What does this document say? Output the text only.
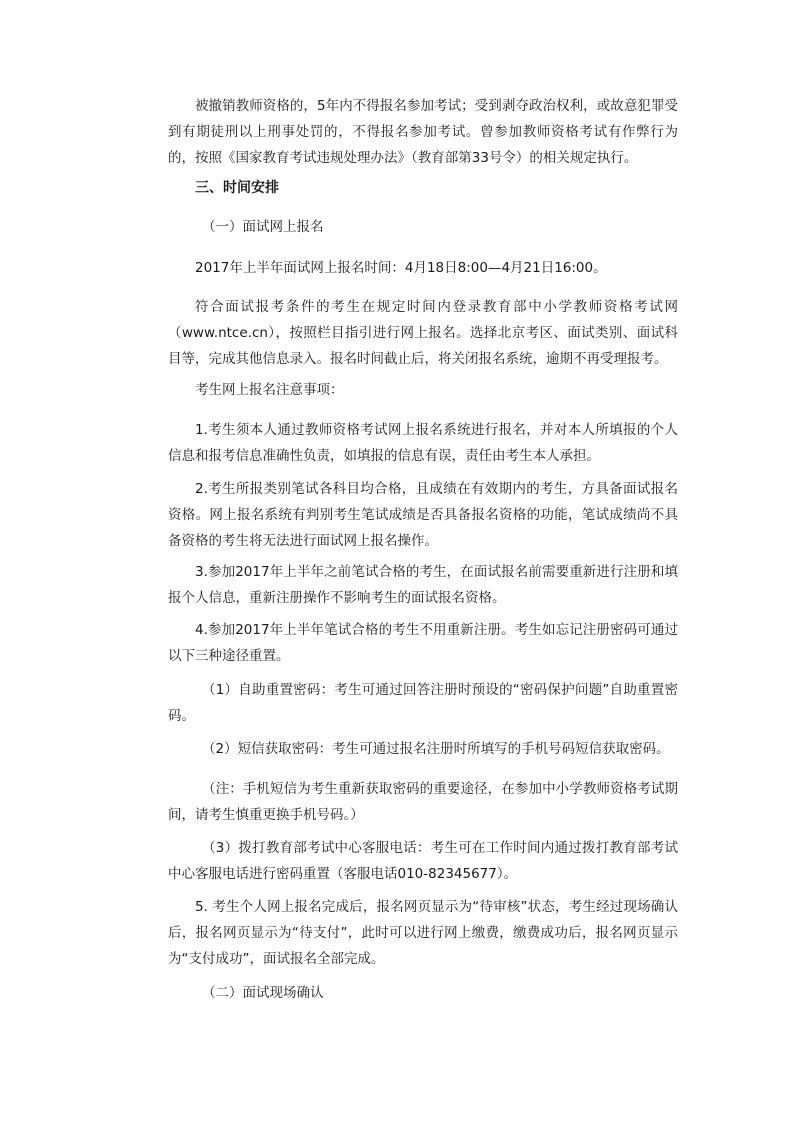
被撤销教师资格的，5年内不得报名参加考试；受到剥夺政治权利，或故意犯罪受到有期徒刑以上刑事处罚的，不得报名参加考试。曾参加教师资格考试有作弊行为的，按照《国家教育考试违规处理办法》（教育部第33号令）的相关规定执行。

三、时间安排

（一）面试网上报名

2017年上半年面试网上报名时间：4月18日8:00—4月21日16:00。

符合面试报考条件的考生在规定时间内登录教育部中小学教师资格考试网（www.ntce.cn），按照栏目指引进行网上报名。选择北京考区、面试类别、面试科目等，完成其他信息录入。报名时间截止后，将关闭报名系统，逾期不再受理报考。

考生网上报名注意事项：

1.考生须本人通过教师资格考试网上报名系统进行报名，并对本人所填报的个人信息和报考信息准确性负责，如填报的信息有误，责任由考生本人承担。

2.考生所报类别笔试各科目均合格，且成绩在有效期内的考生，方具备面试报名资格。网上报名系统有判别考生笔试成绩是否具备报名资格的功能，笔试成绩尚不具备资格的考生将无法进行面试网上报名操作。

3.参加2017年上半年之前笔试合格的考生，在面试报名前需要重新进行注册和填报个人信息，重新注册操作不影响考生的面试报名资格。

4.参加2017年上半年笔试合格的考生不用重新注册。考生如忘记注册密码可通过以下三种途径重置。

（1）自助重置密码：考生可通过回答注册时预设的“密码保护问题”自助重置密码。

（2）短信获取密码：考生可通过报名注册时所填写的手机号码短信获取密码。

（注：手机短信为考生重新获取密码的重要途径，在参加中小学教师资格考试期间，请考生慎重更换手机号码。）

（3）拨打教育部考试中心客服电话：考生可在工作时间内通过拨打教育部考试中心客服电话进行密码重置（客服电话010-82345677）。

5. 考生个人网上报名完成后，报名网页显示为“待审核”状态，考生经过现场确认后，报名网页显示为“待支付”，此时可以进行网上缴费，缴费成功后，报名网页显示为“支付成功”，面试报名全部完成。

（二）面试现场确认
